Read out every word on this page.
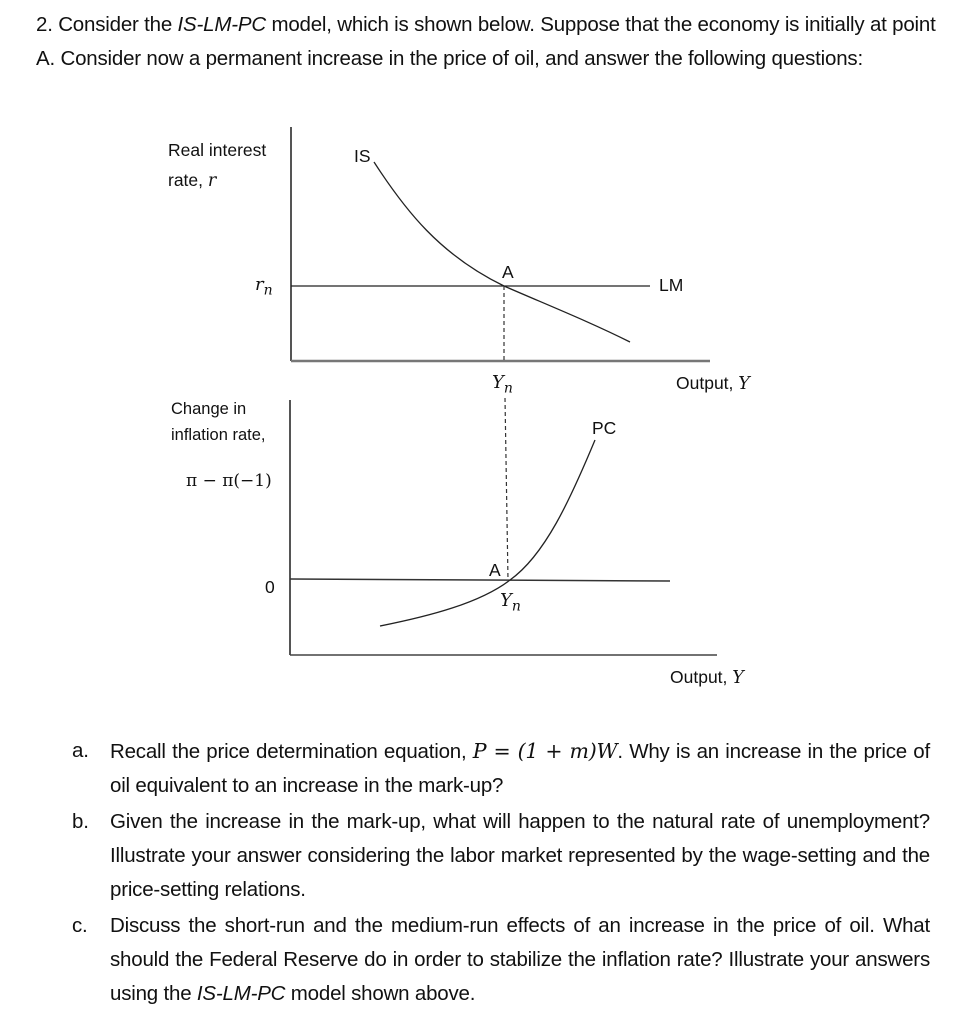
2. Consider the IS-LM-PC model, which is shown below. Suppose that the economy is initially at point A. Consider now a permanent increase in the price of oil, and answer the following questions:
Real interest
rate, r
$r_n$
IS
LM
A
$Y_n$	Output, Y
Change in
inflation rate,
π − π(−1)
0
PC
A
$Y_n$
Output, Y
a. Recall the price determination equation, P = (1 + m)W. Why is an increase in the price of oil equivalent to an increase in the mark-up?
b. Given the increase in the mark-up, what will happen to the natural rate of unemployment? Illustrate your answer considering the labor market represented by the wage-setting and the price-setting relations.
c. Discuss the short-run and the medium-run effects of an increase in the price of oil. What should the Federal Reserve do in order to stabilize the inflation rate? Illustrate your answers using the IS-LM-PC model shown above.
